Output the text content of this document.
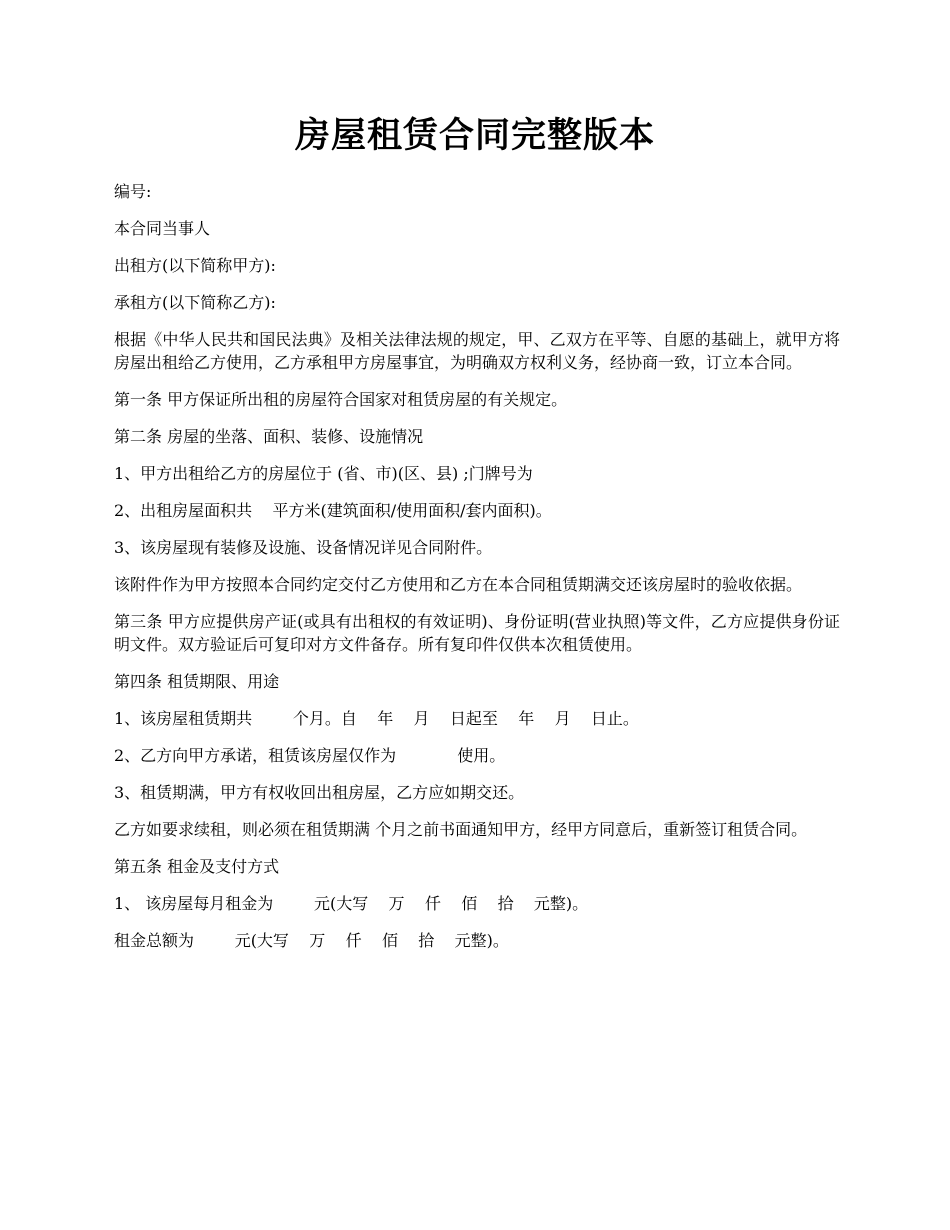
房屋租赁合同完整版本

编号:

本合同当事人

出租方(以下简称甲方):

承租方(以下简称乙方):

根据《中华人民共和国民法典》及相关法律法规的规定，甲、乙双方在平等、自愿的基础上，就甲方将房屋出租给乙方使用，乙方承租甲方房屋事宜，为明确双方权利义务，经协商一致，订立本合同。

第一条 甲方保证所出租的房屋符合国家对租赁房屋的有关规定。

第二条 房屋的坐落、面积、装修、设施情况

1、甲方出租给乙方的房屋位于 (省、市)(区、县) ;门牌号为

2、出租房屋面积共    平方米(建筑面积/使用面积/套内面积)。

3、该房屋现有装修及设施、设备情况详见合同附件。

该附件作为甲方按照本合同约定交付乙方使用和乙方在本合同租赁期满交还该房屋时的验收依据。

第三条 甲方应提供房产证(或具有出租权的有效证明)、身份证明(营业执照)等文件，乙方应提供身份证明文件。双方验证后可复印对方文件备存。所有复印件仅供本次租赁使用。

第四条 租赁期限、用途

1、该房屋租赁期共        个月。自    年    月    日起至    年    月    日止。

2、乙方向甲方承诺，租赁该房屋仅作为            使用。

3、租赁期满，甲方有权收回出租房屋，乙方应如期交还。

乙方如要求续租，则必须在租赁期满 个月之前书面通知甲方，经甲方同意后，重新签订租赁合同。

第五条 租金及支付方式

1、 该房屋每月租金为        元(大写    万    仟    佰    拾    元整)。

租金总额为        元(大写    万    仟    佰    拾    元整)。
